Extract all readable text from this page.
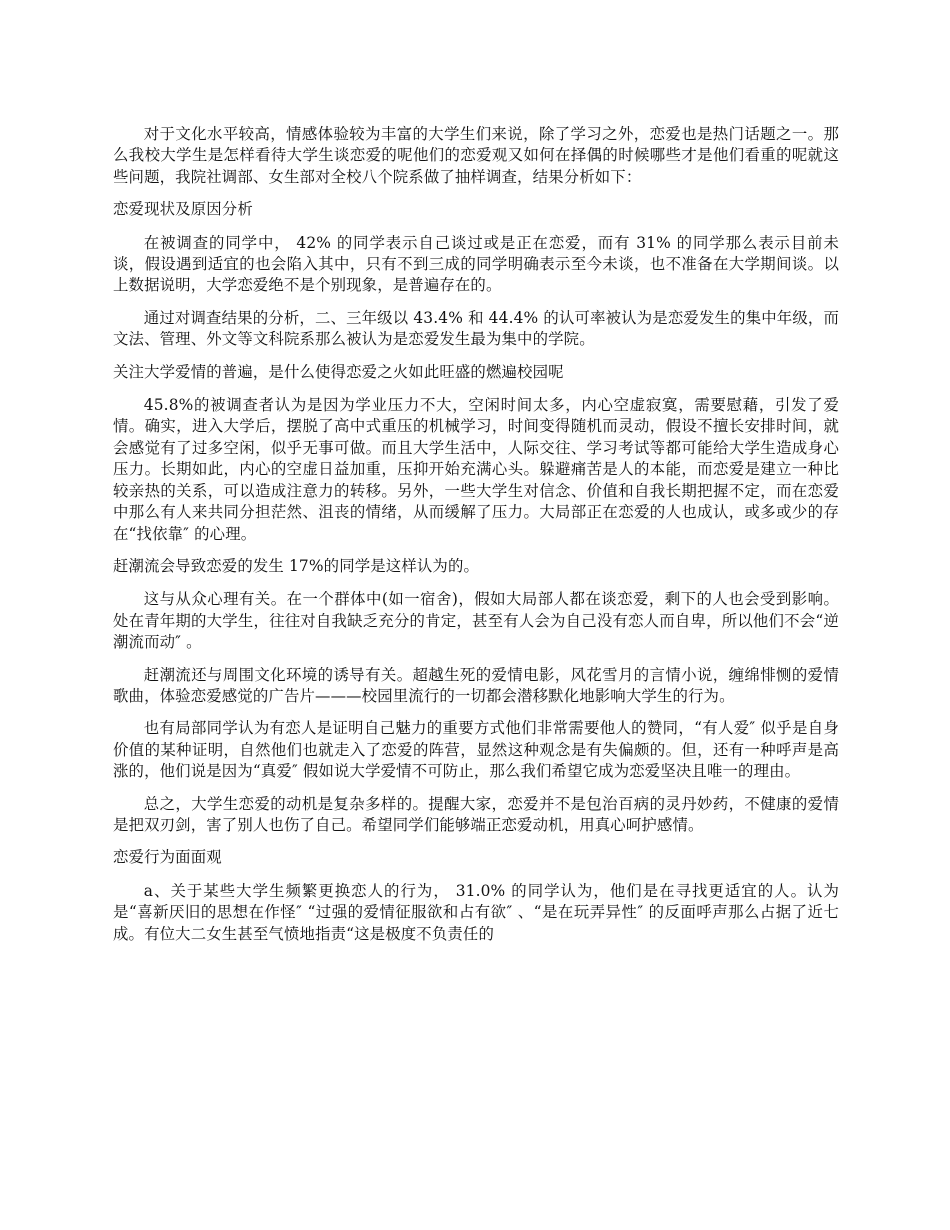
对于文化水平较高，情感体验较为丰富的大学生们来说，除了学习之外，恋爱也是热门话题之一。那么我校大学生是怎样看待大学生谈恋爱的呢他们的恋爱观又如何在择偶的时候哪些才是他们看重的呢就这些问题，我院社调部、女生部对全校八个院系做了抽样调查，结果分析如下：

恋爱现状及原因分析

在被调查的同学中， 42% 的同学表示自己谈过或是正在恋爱，而有 31% 的同学那么表示目前未谈，假设遇到适宜的也会陷入其中，只有不到三成的同学明确表示至今未谈，也不准备在大学期间谈。以上数据说明，大学恋爱绝不是个别现象，是普遍存在的。

通过对调查结果的分析，二、三年级以 43.4% 和 44.4% 的认可率被认为是恋爱发生的集中年级，而文法、管理、外文等文科院系那么被认为是恋爱发生最为集中的学院。

关注大学爱情的普遍，是什么使得恋爱之火如此旺盛的燃遍校园呢

45.8%的被调查者认为是因为学业压力不大，空闲时间太多，内心空虚寂寞，需要慰藉，引发了爱情。确实，进入大学后，摆脱了高中式重压的机械学习，时间变得随机而灵动，假设不擅长安排时间，就会感觉有了过多空闲，似乎无事可做。而且大学生活中，人际交往、学习考试等都可能给大学生造成身心压力。长期如此，内心的空虚日益加重，压抑开始充满心头。躲避痛苦是人的本能，而恋爱是建立一种比较亲热的关系，可以造成注意力的转移。另外，一些大学生对信念、价值和自我长期把握不定，而在恋爱中那么有人来共同分担茫然、沮丧的情绪，从而缓解了压力。大局部正在恋爱的人也成认，或多或少的存在“找依靠″ 的心理。

赶潮流会导致恋爱的发生 17%的同学是这样认为的。

这与从众心理有关。在一个群体中(如一宿舍)，假如大局部人都在谈恋爱，剩下的人也会受到影响。处在青年期的大学生，往往对自我缺乏充分的肯定，甚至有人会为自己没有恋人而自卑，所以他们不会“逆潮流而动″ 。

赶潮流还与周围文化环境的诱导有关。超越生死的爱情电影，风花雪月的言情小说，缠绵悱恻的爱情歌曲，体验恋爱感觉的广告片———校园里流行的一切都会潜移默化地影响大学生的行为。

也有局部同学认为有恋人是证明自己魅力的重要方式他们非常需要他人的赞同，“有人爱″ 似乎是自身价值的某种证明，自然他们也就走入了恋爱的阵营，显然这种观念是有失偏颇的。但，还有一种呼声是高涨的，他们说是因为“真爱″ 假如说大学爱情不可防止，那么我们希望它成为恋爱坚决且唯一的理由。

总之，大学生恋爱的动机是复杂多样的。提醒大家，恋爱并不是包治百病的灵丹妙药，不健康的爱情是把双刃剑，害了别人也伤了自己。希望同学们能够端正恋爱动机，用真心呵护感情。

恋爱行为面面观

a、关于某些大学生频繁更换恋人的行为， 31.0% 的同学认为，他们是在寻找更适宜的人。认为是“喜新厌旧的思想在作怪″ “过强的爱情征服欲和占有欲″ 、“是在玩弄异性″ 的反面呼声那么占据了近七成。有位大二女生甚至气愤地指责“这是极度不负责任的
